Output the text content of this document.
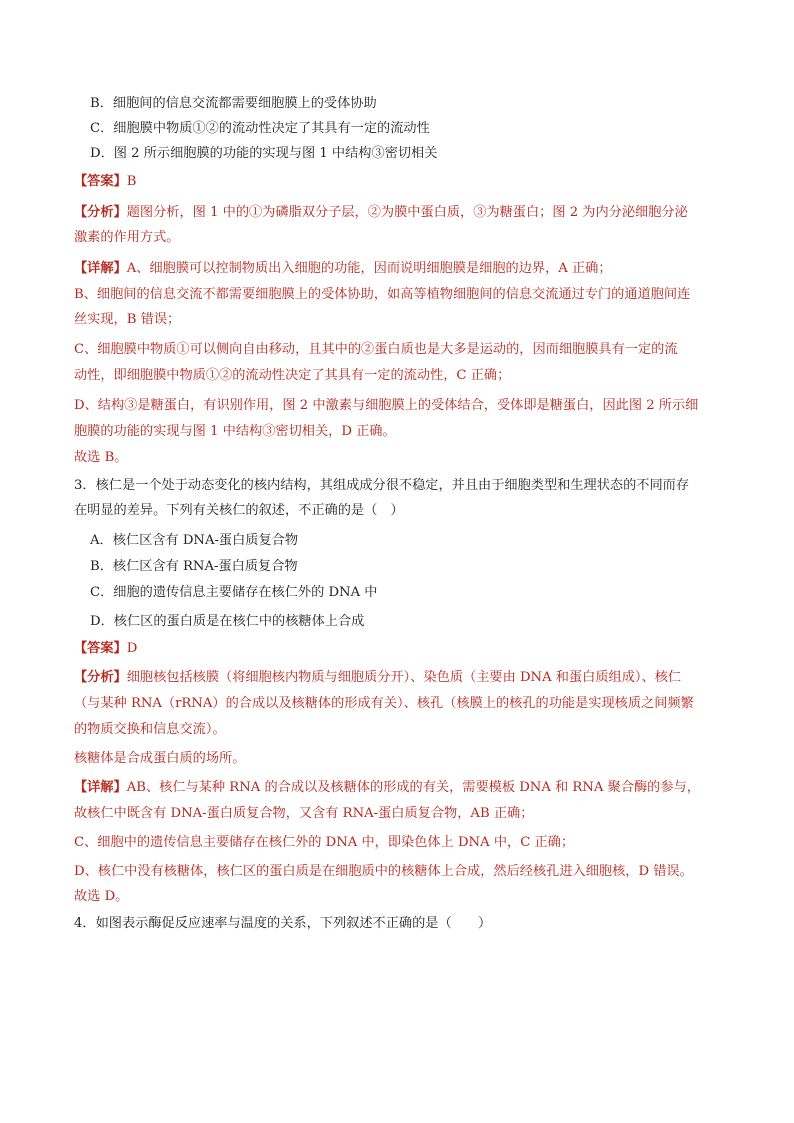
B．细胞间的信息交流都需要细胞膜上的受体协助
C．细胞膜中物质①②的流动性决定了其具有一定的流动性
D．图 2 所示细胞膜的功能的实现与图 1 中结构③密切相关
【答案】B
【分析】题图分析，图 1 中的①为磷脂双分子层，②为膜中蛋白质，③为糖蛋白；图 2 为内分泌细胞分泌
激素的作用方式。
【详解】A、细胞膜可以控制物质出入细胞的功能，因而说明细胞膜是细胞的边界，A 正确；
B、细胞间的信息交流不都需要细胞膜上的受体协助，如高等植物细胞间的信息交流通过专门的通道胞间连
丝实现，B 错误；
C、细胞膜中物质①可以侧向自由移动，且其中的②蛋白质也是大多是运动的，因而细胞膜具有一定的流
动性，即细胞膜中物质①②的流动性决定了其具有一定的流动性，C 正确；
D、结构③是糖蛋白，有识别作用，图 2 中激素与细胞膜上的受体结合，受体即是糖蛋白，因此图 2 所示细
胞膜的功能的实现与图 1 中结构③密切相关，D 正确。
故选 B。
3．核仁是一个处于动态变化的核内结构，其组成成分很不稳定，并且由于细胞类型和生理状态的不同而存
在明显的差异。下列有关核仁的叙述，不正确的是（　）
A．核仁区含有 DNA-蛋白质复合物
B．核仁区含有 RNA-蛋白质复合物
C．细胞的遗传信息主要储存在核仁外的 DNA 中
D．核仁区的蛋白质是在核仁中的核糖体上合成
【答案】D
【分析】细胞核包括核膜（将细胞核内物质与细胞质分开）、染色质（主要由 DNA 和蛋白质组成）、核仁
（与某种 RNA（rRNA）的合成以及核糖体的形成有关）、核孔（核膜上的核孔的功能是实现核质之间频繁
的物质交换和信息交流）。
核糖体是合成蛋白质的场所。
【详解】AB、核仁与某种 RNA 的合成以及核糖体的形成的有关，需要模板 DNA 和 RNA 聚合酶的参与，
故核仁中既含有 DNA-蛋白质复合物，又含有 RNA-蛋白质复合物，AB 正确；
C、细胞中的遗传信息主要储存在核仁外的 DNA 中，即染色体上 DNA 中，C 正确；
D、核仁中没有核糖体，核仁区的蛋白质是在细胞质中的核糖体上合成，然后经核孔进入细胞核，D 错误。
故选 D。
4．如图表示酶促反应速率与温度的关系，下列叙述不正确的是（　　）
